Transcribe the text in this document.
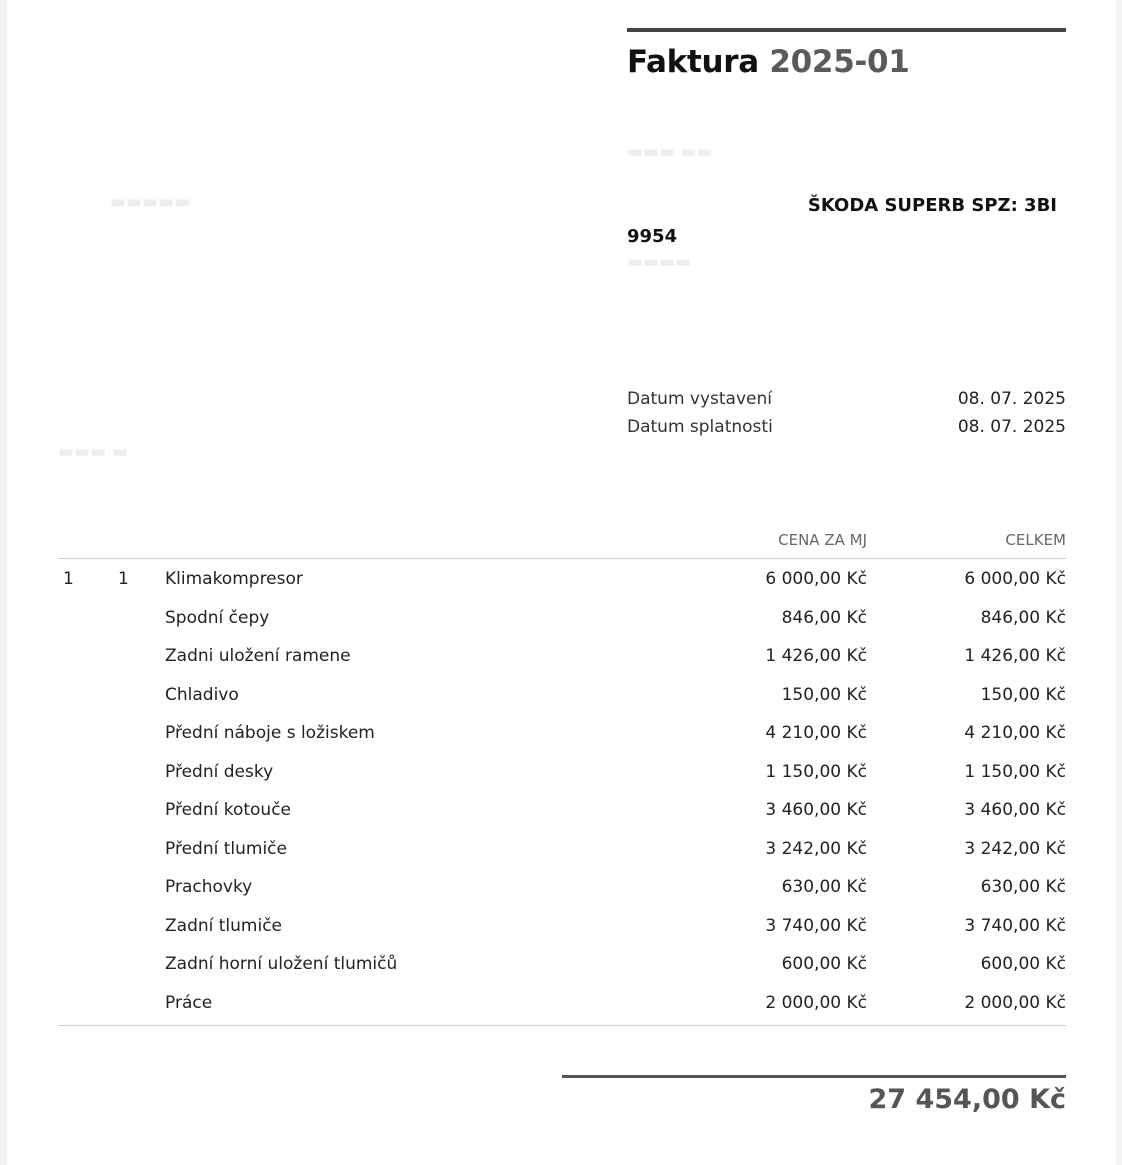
Faktura 2025-01
▬▬▬ ▬▬
▬▬▬▬
▬▬▬▬▬
▬▬▬ ▬
ŠKODA SUPERB SPZ: 3BI
9954
Datum vystavení	08. 07. 2025
Datum splatnosti	08. 07. 2025
CENA ZA MJ	CELKEM
1	1 Klimakompresor	6 000,00 Kč	6 000,00 Kč
Spodní čepy	846,00 Kč	846,00 Kč
Zadni uložení ramene	1 426,00 Kč	1 426,00 Kč
Chladivo	150,00 Kč	150,00 Kč
Přední náboje s ložiskem	4 210,00 Kč	4 210,00 Kč
Přední desky	1 150,00 Kč	1 150,00 Kč
Přední kotouče	3 460,00 Kč	3 460,00 Kč
Přední tlumiče	3 242,00 Kč	3 242,00 Kč
Prachovky	630,00 Kč	630,00 Kč
Zadní tlumiče	3 740,00 Kč	3 740,00 Kč
Zadní horní uložení tlumičů	600,00 Kč	600,00 Kč
Práce	2 000,00 Kč	2 000,00 Kč
27 454,00 Kč
